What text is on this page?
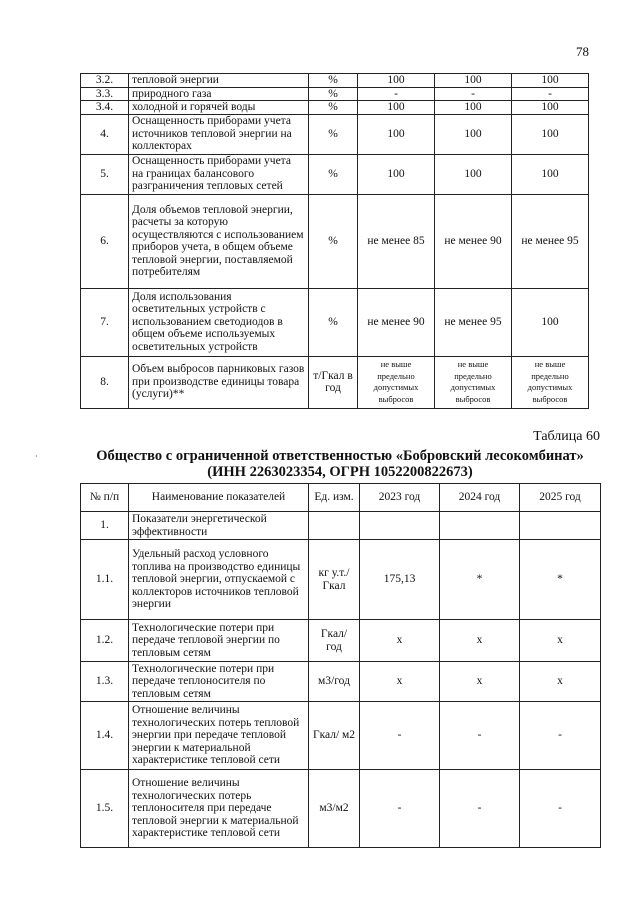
78
3.2.	тепловой энергии	%	100	100	100
3.3.	природного газа	%	-	-	-
3.4.	холодной и горячей воды	%	100	100	100
4.	Оснащенность приборами учета источников тепловой энергии на коллекторах	%	100	100	100
5.	Оснащенность приборами учета на границах балансового разграничения тепловых сетей	%	100	100	100
6.	Доля объемов тепловой энергии, расчеты за которую осуществляются с использованием приборов учета, в общем объеме тепловой энергии, поставляемой потребителям	%	не менее 85	не менее 90	не менее 95
7.	Доля использования осветительных устройств с использованием светодиодов в общем объеме используемых осветительных устройств	%	не менее 90	не менее 95	100
8.	Объем выбросов парниковых газов при производстве единицы товара (услуги)**	т/Гкал в год	не выше предельно допустимых выбросов	не выше предельно допустимых выбросов	не выше предельно допустимых выбросов
·
Таблица 60
Общество с ограниченной ответственностью «Бобровский лесокомбинат»
(ИНН 2263023354, ОГРН 1052200822673)
№ п/п	Наименование показателей	Ед. изм.	2023 год	2024 год	2025 год
1.	Показатели энергетической эффективности				
1.1.	Удельный расход условного топлива на производство единицы тепловой энергии, отпускаемой с коллекторов источников тепловой энергии	кг у.т./ Гкал	175,13	*	*
1.2.	Технологические потери при передаче тепловой энергии по тепловым сетям	Гкал/ год	x	x	x
1.3.	Технологические потери при передаче теплоносителя по тепловым сетям	м3/год	x	x	x
1.4.	Отношение величины технологических потерь тепловой энергии при передаче тепловой энергии к материальной характеристике тепловой сети	Гкал/ м2	-	-	-
1.5.	Отношение величины технологических потерь теплоносителя при передаче тепловой энергии к материальной характеристике тепловой сети	м3/м2	-	-	-
